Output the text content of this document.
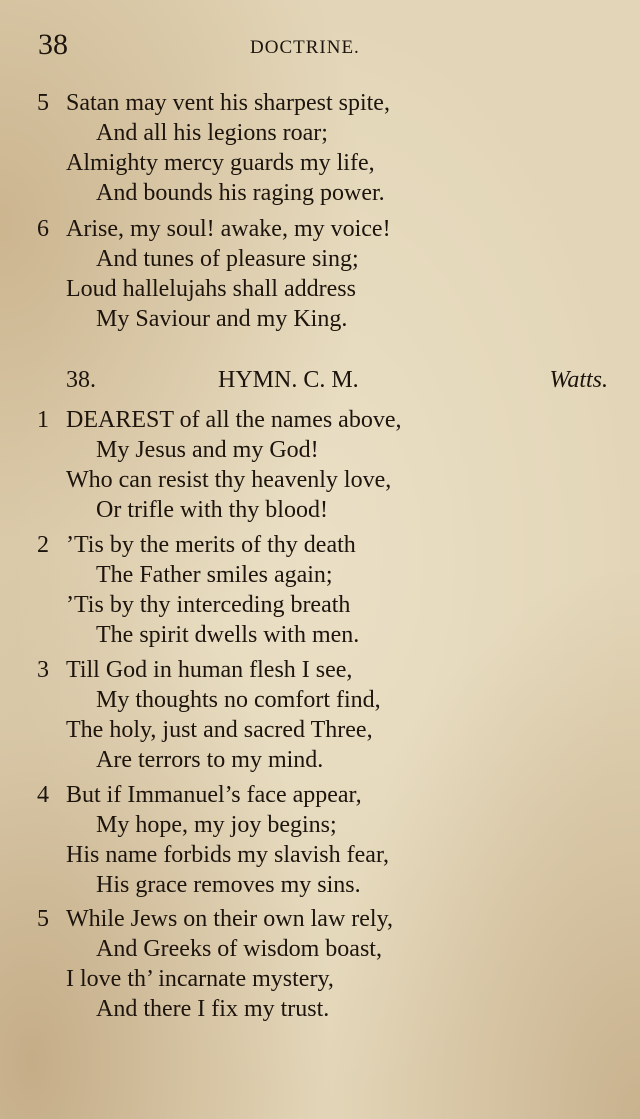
38	DOCTRINE.
5 Satan may vent his sharpest spite,
And all his legions roar;
Almighty mercy guards my life,
And bounds his raging power.
6 Arise, my soul! awake, my voice!
And tunes of pleasure sing;
Loud hallelujahs shall address
My Saviour and my King.
38.	HYMN. C. M.	Watts.
1 DEAREST of all the names above,
My Jesus and my God!
Who can resist thy heavenly love,
Or trifle with thy blood!
2 ’Tis by the merits of thy death
The Father smiles again;
’Tis by thy interceding breath
The spirit dwells with men.
3 Till God in human flesh I see,
My thoughts no comfort find,
The holy, just and sacred Three,
Are terrors to my mind.
4 But if Immanuel’s face appear,
My hope, my joy begins;
His name forbids my slavish fear,
His grace removes my sins.
5 While Jews on their own law rely,
And Greeks of wisdom boast,
I love th’ incarnate mystery,
And there I fix my trust.
